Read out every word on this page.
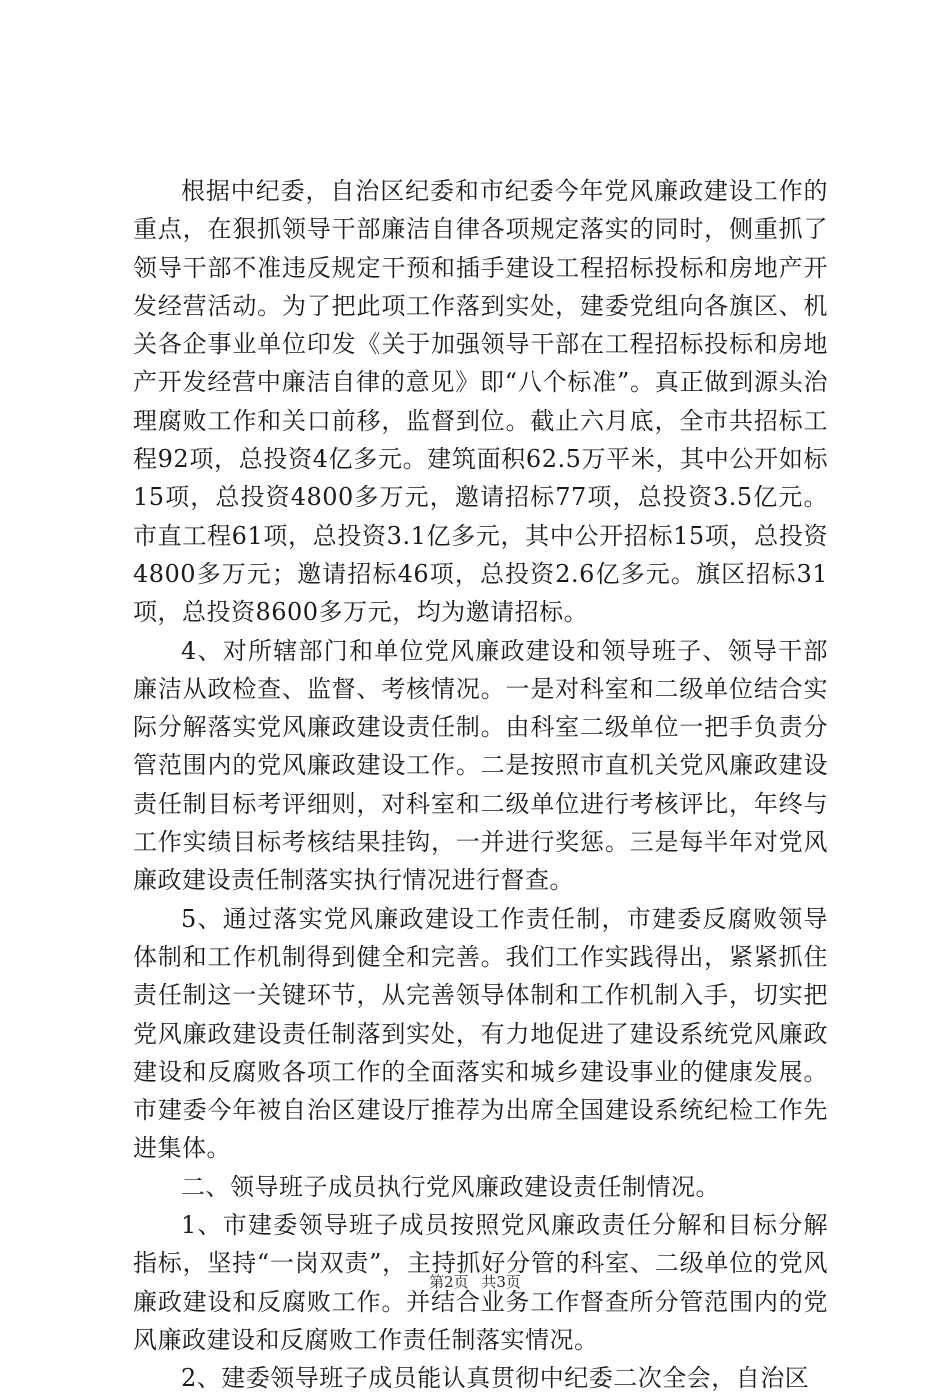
根据中纪委，自治区纪委和市纪委今年党风廉政建设工作的重点，在狠抓领导干部廉洁自律各项规定落实的同时，侧重抓了领导干部不准违反规定干预和插手建设工程招标投标和房地产开发经营活动。为了把此项工作落到实处，建委党组向各旗区、机关各企事业单位印发《关于加强领导干部在工程招标投标和房地产开发经营中廉洁自律的意见》即“八个标准”。真正做到源头治理腐败工作和关口前移，监督到位。截止六月底，全市共招标工程92项，总投资4亿多元。建筑面积62.5万平米，其中公开如标15项，总投资4800多万元，邀请招标77项，总投资3.5亿元。市直工程61项，总投资3.1亿多元，其中公开招标15项，总投资4800多万元；邀请招标46项，总投资2.6亿多元。旗区招标31项，总投资8600多万元，均为邀请招标。

4、对所辖部门和单位党风廉政建设和领导班子、领导干部廉洁从政检查、监督、考核情况。一是对科室和二级单位结合实际分解落实党风廉政建设责任制。由科室二级单位一把手负责分管范围内的党风廉政建设工作。二是按照市直机关党风廉政建设责任制目标考评细则，对科室和二级单位进行考核评比，年终与工作实绩目标考核结果挂钩，一并进行奖惩。三是每半年对党风廉政建设责任制落实执行情况进行督查。

5、通过落实党风廉政建设工作责任制，市建委反腐败领导体制和工作机制得到健全和完善。我们工作实践得出，紧紧抓住责任制这一关键环节，从完善领导体制和工作机制入手，切实把党风廉政建设责任制落到实处，有力地促进了建设系统党风廉政建设和反腐败各项工作的全面落实和城乡建设事业的健康发展。市建委今年被自治区建设厅推荐为出席全国建设系统纪检工作先进集体。

二、领导班子成员执行党风廉政建设责任制情况。

1、市建委领导班子成员按照党风廉政责任分解和目标分解指标，坚持“一岗双责”，主持抓好分管的科室、二级单位的党风廉政建设和反腐败工作。并结合业务工作督查所分管范围内的党风廉政建设和反腐败工作责任制落实情况。

2、建委领导班子成员能认真贯彻中纪委二次全会，自治区

第2页 共3页
